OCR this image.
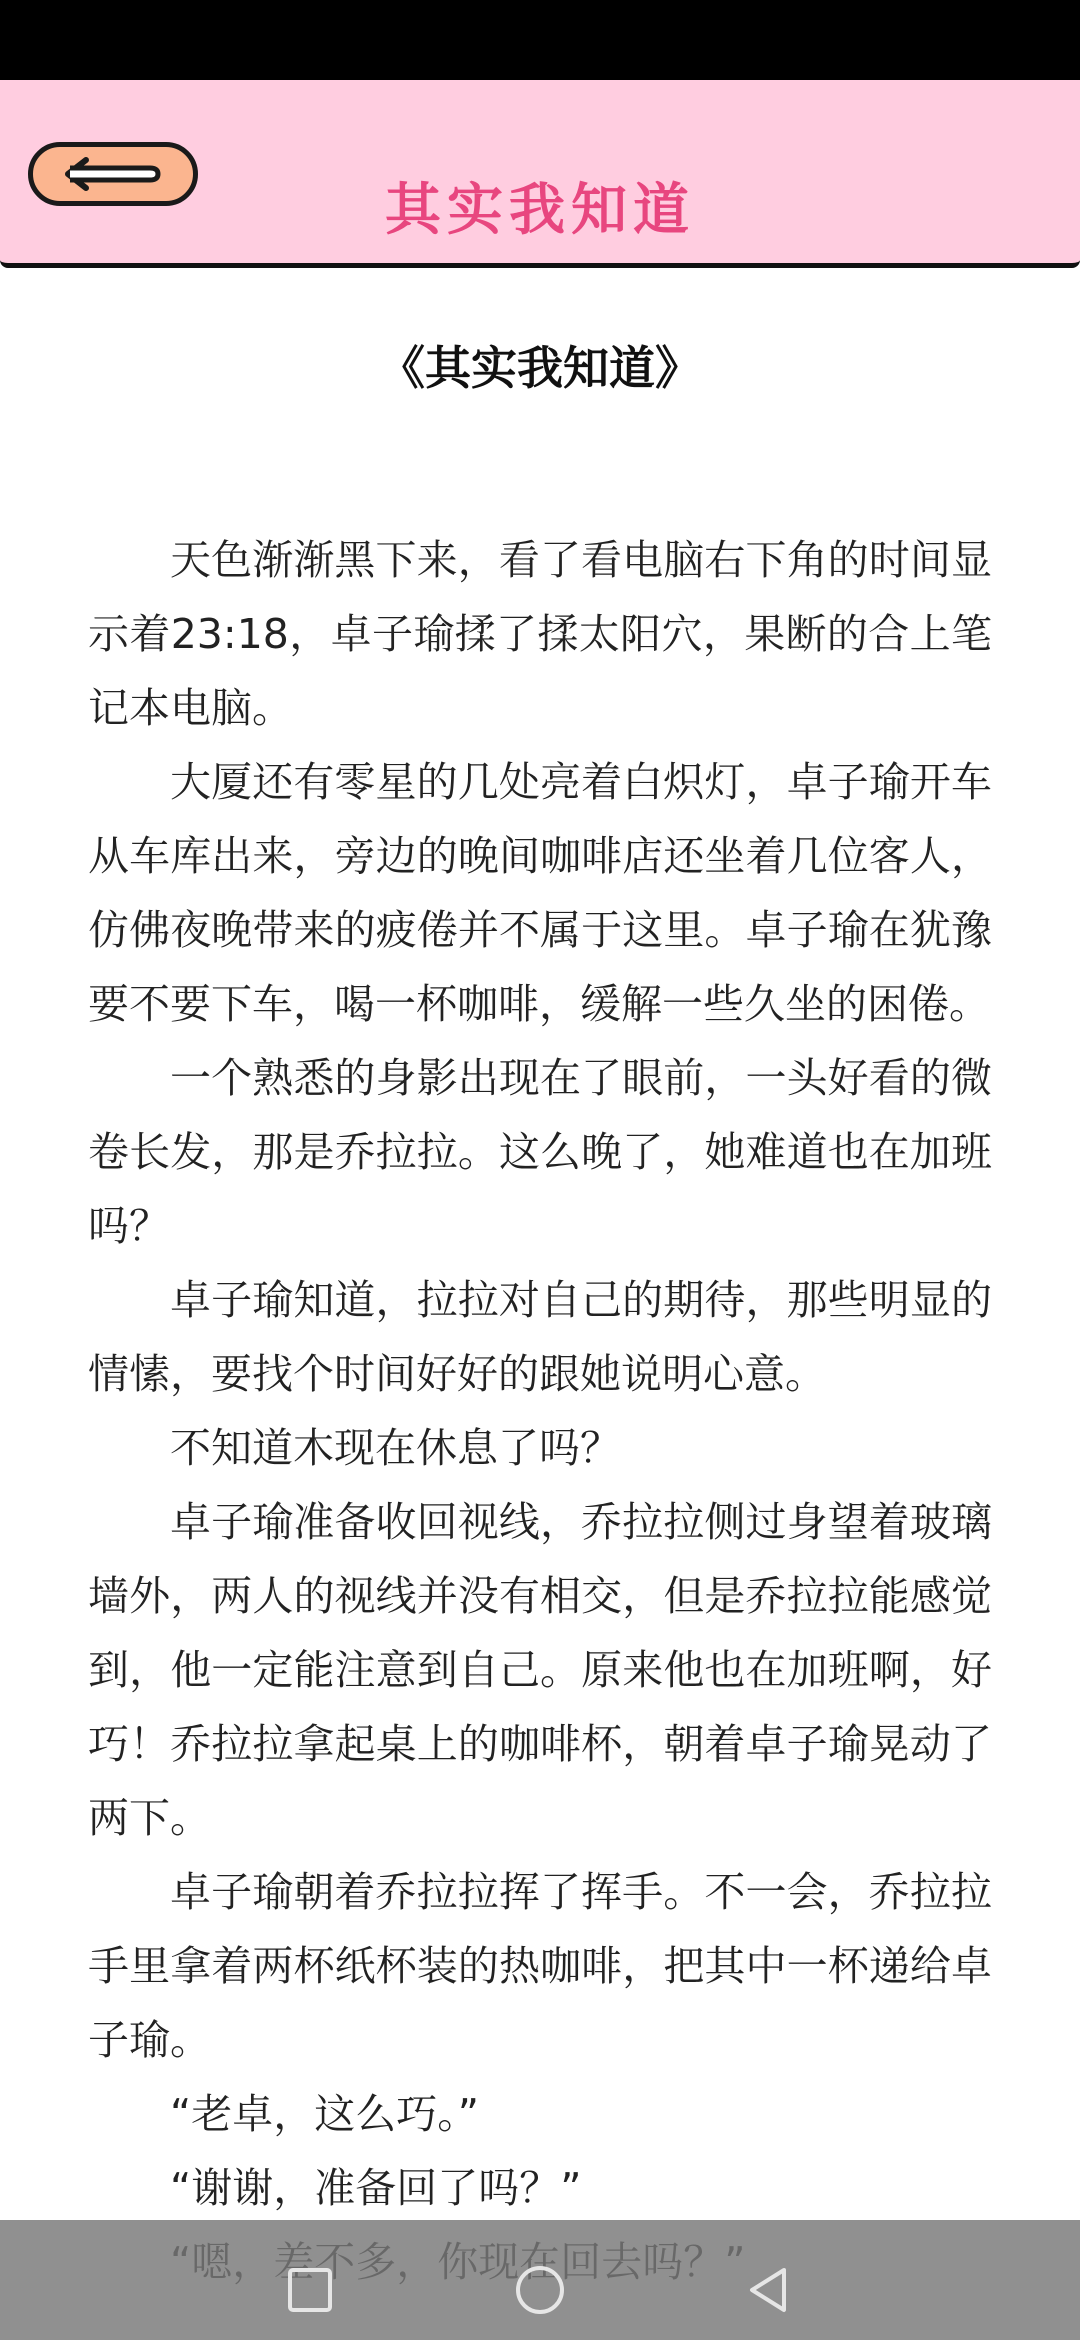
其实我知道
《其实我知道》

天色渐渐黑下来，看了看电脑右下角的时间显示着23:18，卓子瑜揉了揉太阳穴，果断的合上笔记本电脑。

大厦还有零星的几处亮着白炽灯，卓子瑜开车从车库出来，旁边的晚间咖啡店还坐着几位客人，仿佛夜晚带来的疲倦并不属于这里。卓子瑜在犹豫要不要下车，喝一杯咖啡，缓解一些久坐的困倦。

一个熟悉的身影出现在了眼前，一头好看的微卷长发，那是乔拉拉。这么晚了，她难道也在加班吗？

卓子瑜知道，拉拉对自己的期待，那些明显的情愫，要找个时间好好的跟她说明心意。

不知道木现在休息了吗？

卓子瑜准备收回视线，乔拉拉侧过身望着玻璃墙外，两人的视线并没有相交，但是乔拉拉能感觉到，他一定能注意到自己。原来他也在加班啊，好巧！乔拉拉拿起桌上的咖啡杯，朝着卓子瑜晃动了两下。

卓子瑜朝着乔拉拉挥了挥手。不一会，乔拉拉手里拿着两杯纸杯装的热咖啡，把其中一杯递给卓子瑜。

“老卓，这么巧。”

“谢谢，准备回了吗？”
